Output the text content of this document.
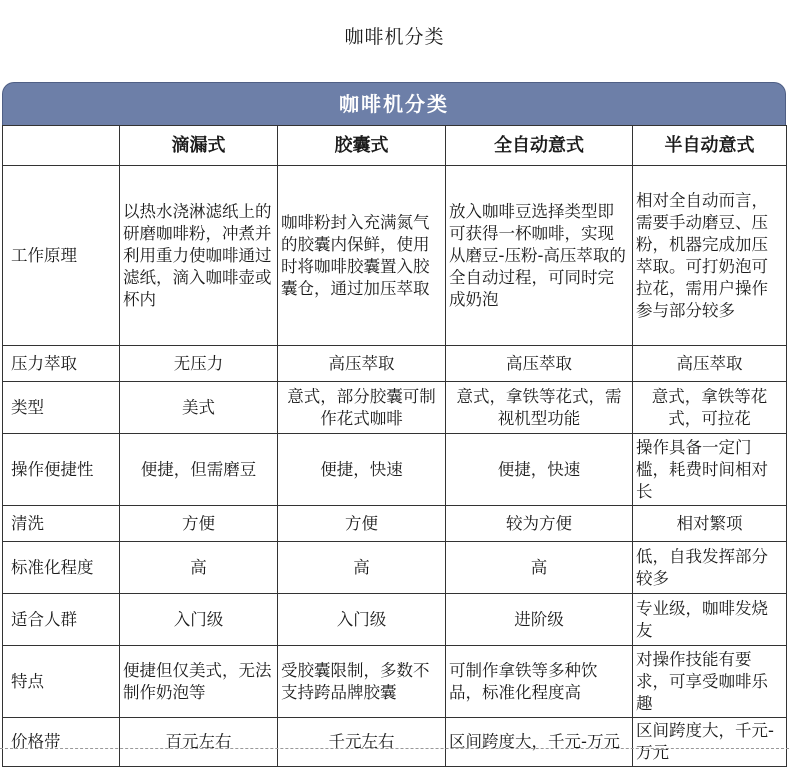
咖啡机分类
咖啡机分类
	滴漏式	胶囊式	全自动意式	半自动意式
工作原理	以热水浇淋滤纸上的研磨咖啡粉，冲煮并利用重力使咖啡通过滤纸，滴入咖啡壶或杯内	咖啡粉封入充满氮气的胶囊内保鲜，使用时将咖啡胶囊置入胶囊仓，通过加压萃取	放入咖啡豆选择类型即可获得一杯咖啡，实现从磨豆-压粉-高压萃取的全自动过程，可同时完成奶泡	相对全自动而言，需要手动磨豆、压粉，机器完成加压萃取。可打奶泡可拉花，需用户操作参与部分较多
压力萃取	无压力	高压萃取	高压萃取	高压萃取
类型	美式	意式，部分胶囊可制作花式咖啡	意式，拿铁等花式，需视机型功能	意式，拿铁等花式，可拉花
操作便捷性	便捷，但需磨豆	便捷，快速	便捷，快速	操作具备一定门槛，耗费时间相对长
清洗	方便	方便	较为方便	相对繁项
标准化程度	高	高	高	低，自我发挥部分较多
适合人群	入门级	入门级	进阶级	专业级，咖啡发烧友
特点	便捷但仅美式，无法制作奶泡等	受胶囊限制，多数不支持跨品牌胶囊	可制作拿铁等多种饮品，标准化程度高	对操作技能有要求，可享受咖啡乐趣
价格带	百元左右	千元左右	区间跨度大，千元-万元	区间跨度大，千元-万元
